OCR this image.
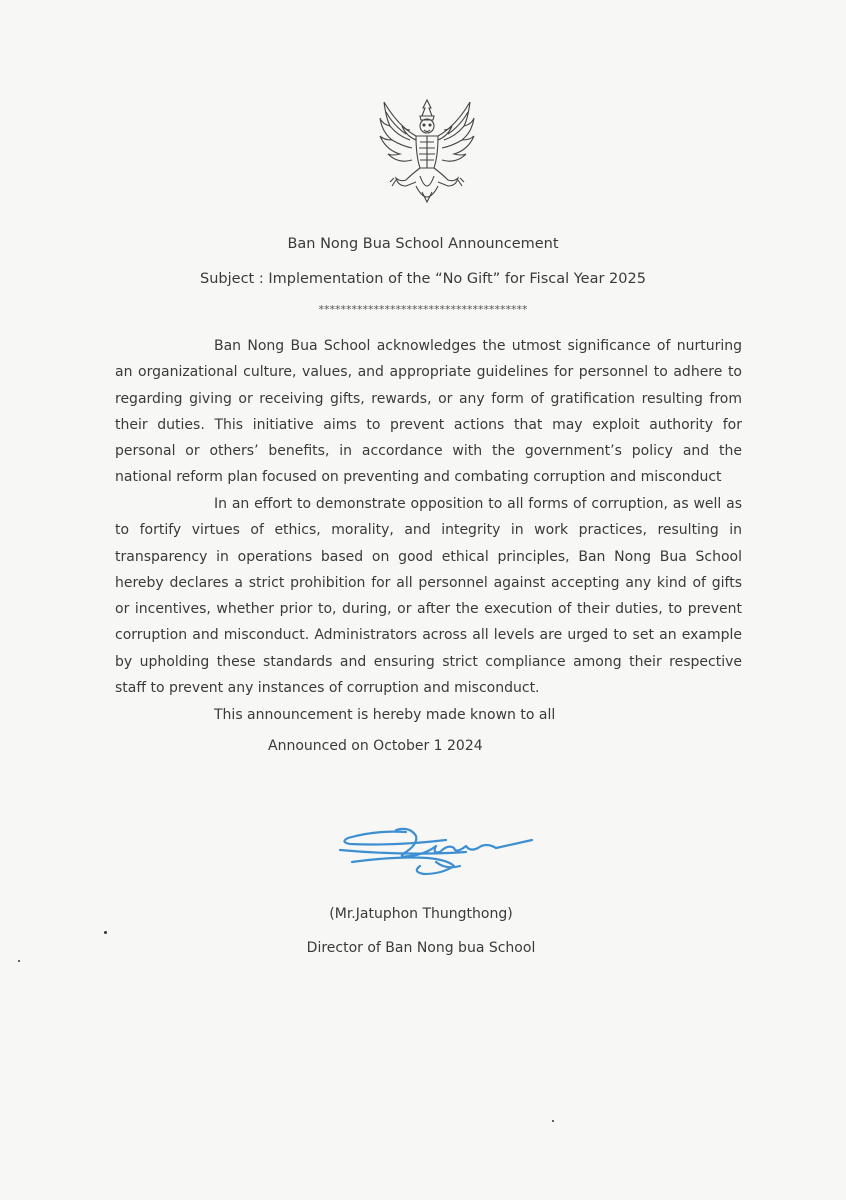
Ban Nong Bua School Announcement
Subject : Implementation of the “No Gift” for Fiscal Year 2025
**************************************

Ban Nong Bua School acknowledges the utmost significance of nurturing an organizational culture, values, and appropriate guidelines for personnel to adhere to regarding giving or receiving gifts, rewards, or any form of gratification resulting from their duties. This initiative aims to prevent actions that may exploit authority for personal or others’ benefits, in accordance with the government’s policy and the national reform plan focused on preventing and combating corruption and misconduct

In an effort to demonstrate opposition to all forms of corruption, as well as to fortify virtues of ethics, morality, and integrity in work practices, resulting in transparency in operations based on good ethical principles, Ban Nong Bua School hereby declares a strict prohibition for all personnel against accepting any kind of gifts or incentives, whether prior to, during, or after the execution of their duties, to prevent corruption and misconduct. Administrators across all levels are urged to set an example by upholding these standards and ensuring strict compliance among their respective staff to prevent any instances of corruption and misconduct.

This announcement is hereby made known to all
Announced on October 1 2024
(Mr.Jatuphon Thungthong)
Director of Ban Nong bua School
